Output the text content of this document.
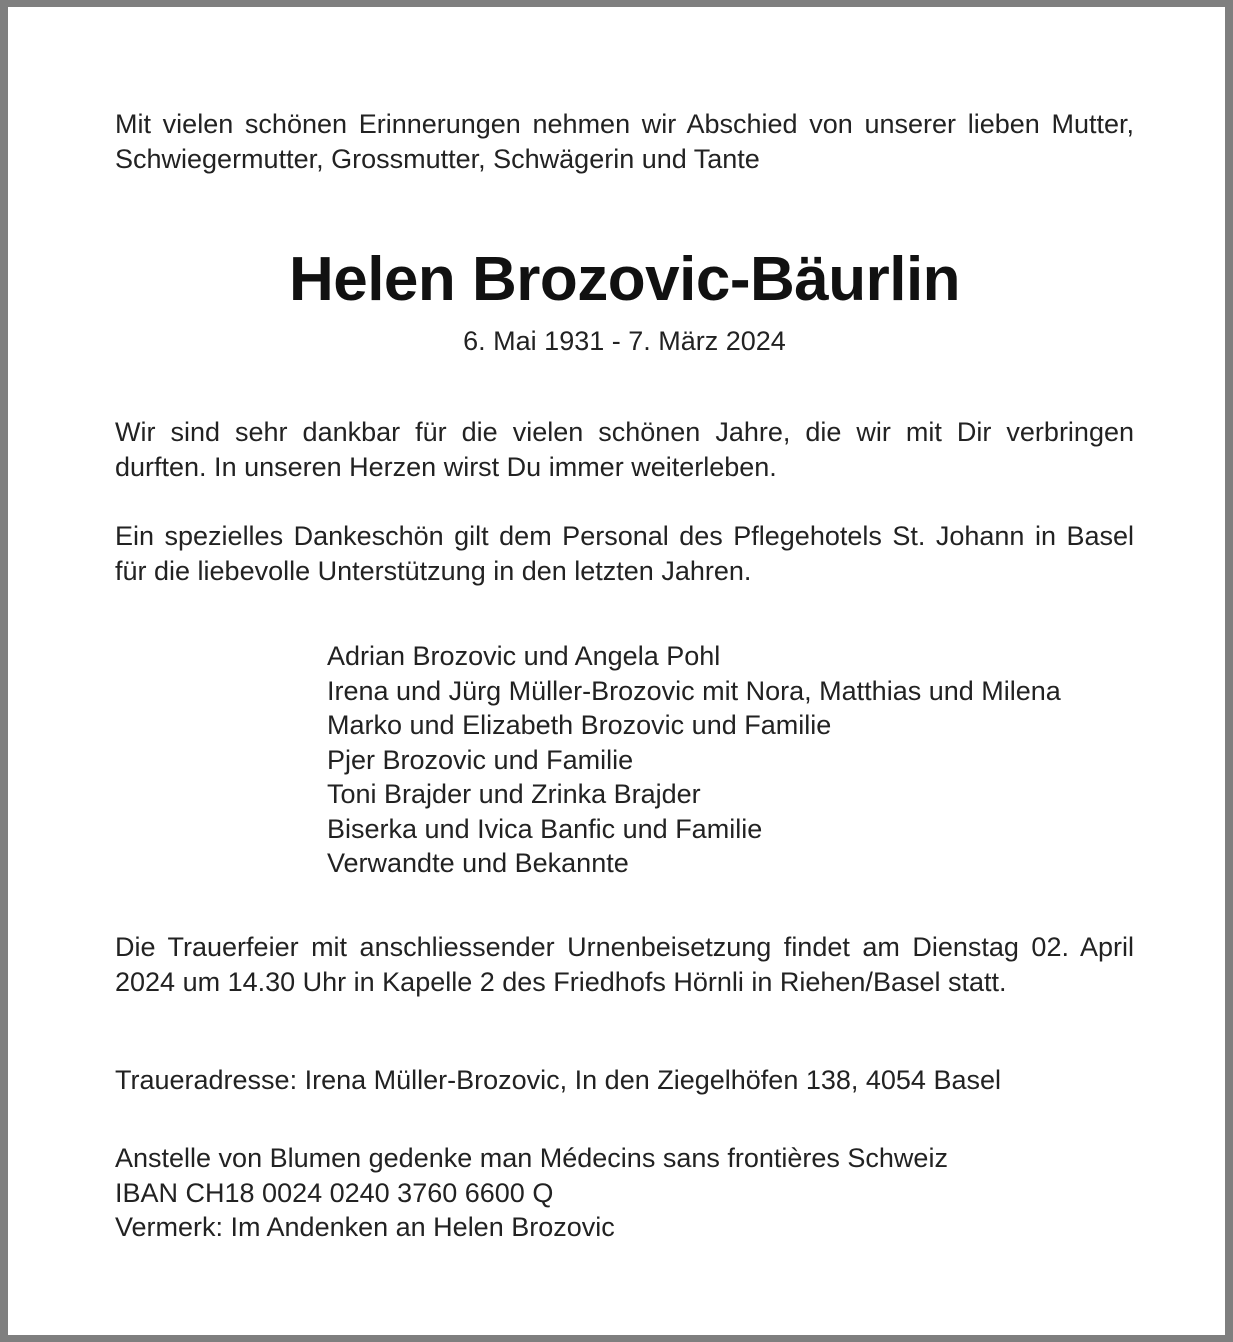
Mit vielen schönen Erinnerungen nehmen wir Abschied von unserer lieben Mutter, Schwiegermutter, Grossmutter, Schwägerin und Tante

Helen Brozovic-Bäurlin

6. Mai 1931 - 7. März 2024

Wir sind sehr dankbar für die vielen schönen Jahre, die wir mit Dir verbringen durften. In unseren Herzen wirst Du immer weiterleben.

Ein spezielles Dankeschön gilt dem Personal des Pflegehotels St. Johann in Basel für die liebevolle Unterstützung in den letzten Jahren.

Adrian Brozovic und Angela Pohl
Irena und Jürg Müller-Brozovic mit Nora, Matthias und Milena
Marko und Elizabeth Brozovic und Familie
Pjer Brozovic und Familie
Toni Brajder und Zrinka Brajder
Biserka und Ivica Banfic und Familie
Verwandte und Bekannte

Die Trauerfeier mit anschliessender Urnenbeisetzung findet am Dienstag 02. April 2024 um 14.30 Uhr in Kapelle 2 des Friedhofs Hörnli in Riehen/Basel statt.

Traueradresse: Irena Müller-Brozovic, In den Ziegelhöfen 138, 4054 Basel

Anstelle von Blumen gedenke man Médecins sans frontières Schweiz
IBAN CH18 0024 0240 3760 6600 Q
Vermerk: Im Andenken an Helen Brozovic
